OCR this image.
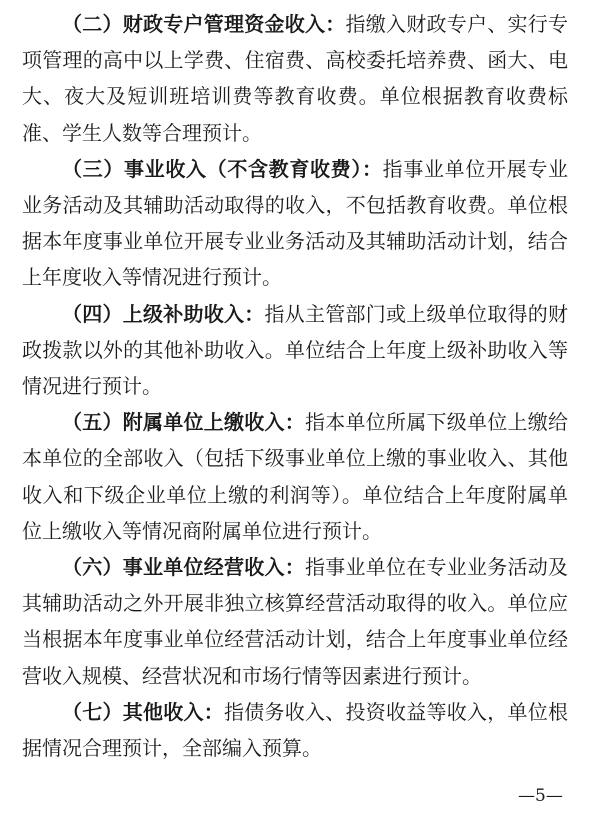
（二）财政专户管理资金收入：指缴入财政专户、实行专项管理的高中以上学费、住宿费、高校委托培养费、函大、电大、夜大及短训班培训费等教育收费。单位根据教育收费标准、学生人数等合理预计。

（三）事业收入（不含教育收费）：指事业单位开展专业业务活动及其辅助活动取得的收入，不包括教育收费。单位根据本年度事业单位开展专业业务活动及其辅助活动计划，结合上年度收入等情况进行预计。

（四）上级补助收入：指从主管部门或上级单位取得的财政拨款以外的其他补助收入。单位结合上年度上级补助收入等情况进行预计。

（五）附属单位上缴收入：指本单位所属下级单位上缴给本单位的全部收入（包括下级事业单位上缴的事业收入、其他收入和下级企业单位上缴的利润等）。单位结合上年度附属单位上缴收入等情况商附属单位进行预计。

（六）事业单位经营收入：指事业单位在专业业务活动及其辅助活动之外开展非独立核算经营活动取得的收入。单位应当根据本年度事业单位经营活动计划，结合上年度事业单位经营收入规模、经营状况和市场行情等因素进行预计。

（七）其他收入：指债务收入、投资收益等收入，单位根据情况合理预计，全部编入预算。

—5—
